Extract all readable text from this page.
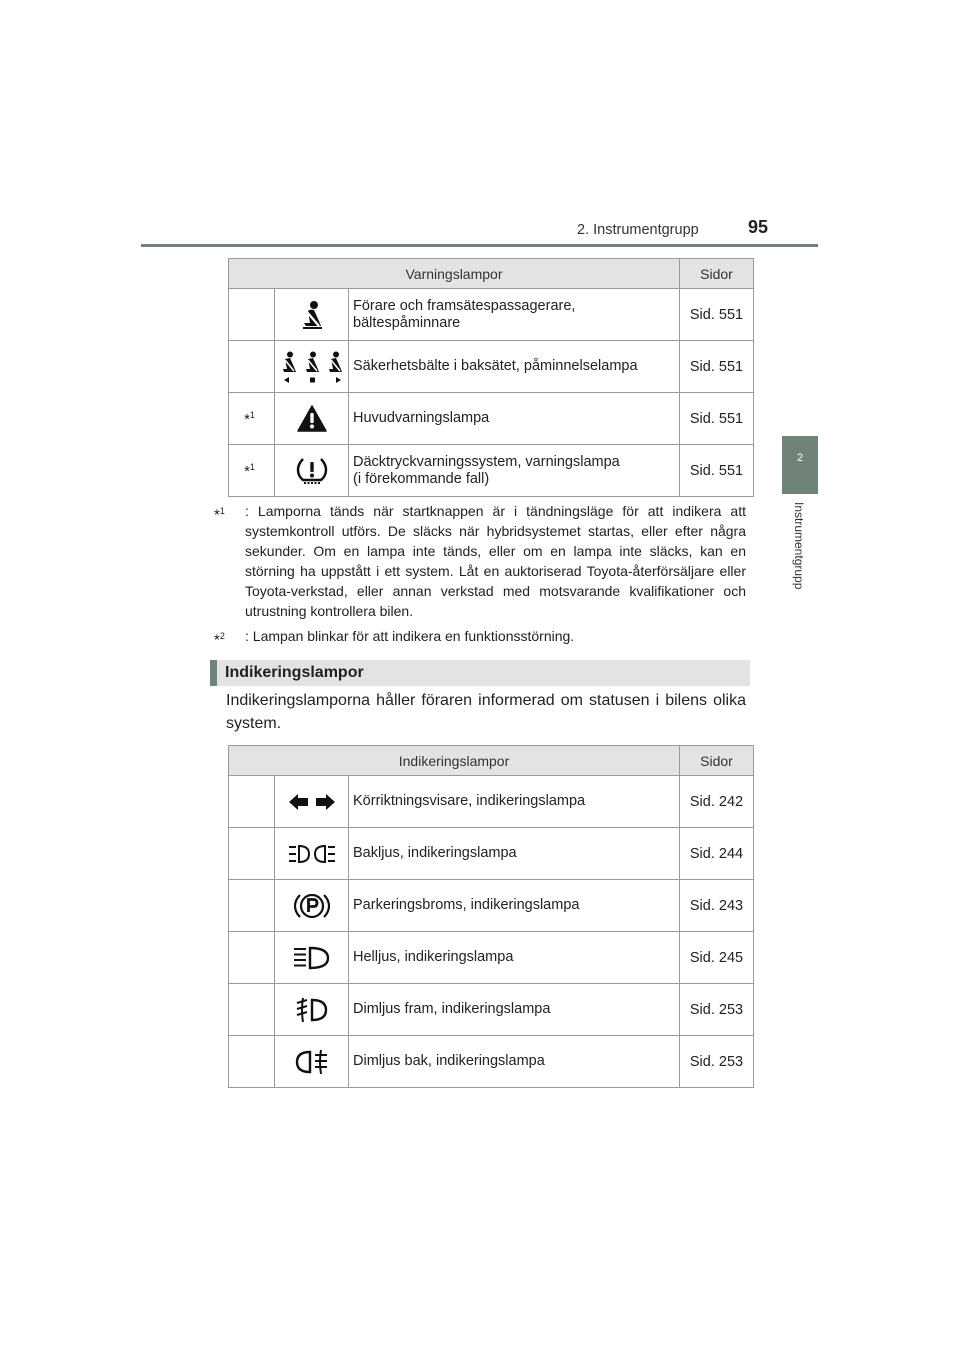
2. Instrumentgrupp	95
2
Instrumentgrupp
Varningslampor			Sidor

Förare och framsätespassagerare,
bältespåminnare	Sid. 551

Säkerhetsbälte i baksätet, påminnelselampa	Sid. 551
*$^1$		Huvudvarningslampa	Sid. 551
*$^1$		Däcktryckvarningssystem, varningslampa
(i förekommande fall)	Sid. 551
*$^1$	: Lamporna tänds när startknappen är i tändningsläge för att indikera att systemkontroll utförs. De släcks när hybridsystemet startas, eller efter några sekunder. Om en lampa inte tänds, eller om en lampa inte släcks, kan en störning ha uppstått i ett system. Låt en auktoriserad Toyota-återförsäljare eller Toyota-verkstad, eller annan verkstad med motsvarande kvalifikationer och utrustning kontrollera bilen.
*$^2$	: Lampan blinkar för att indikera en funktionsstörning.
Indikeringslampor
Indikeringslamporna håller föraren informerad om statusen i bilens olika system.
Indikeringslampor			Sidor

	Körriktningsvisare, indikeringslampa	Sid. 242

	Bakljus, indikeringslampa	Sid. 244

	Parkeringsbroms, indikeringslampa	Sid. 243

	Helljus, indikeringslampa	Sid. 245

	Dimljus fram, indikeringslampa	Sid. 253

	Dimljus bak, indikeringslampa	Sid. 253
